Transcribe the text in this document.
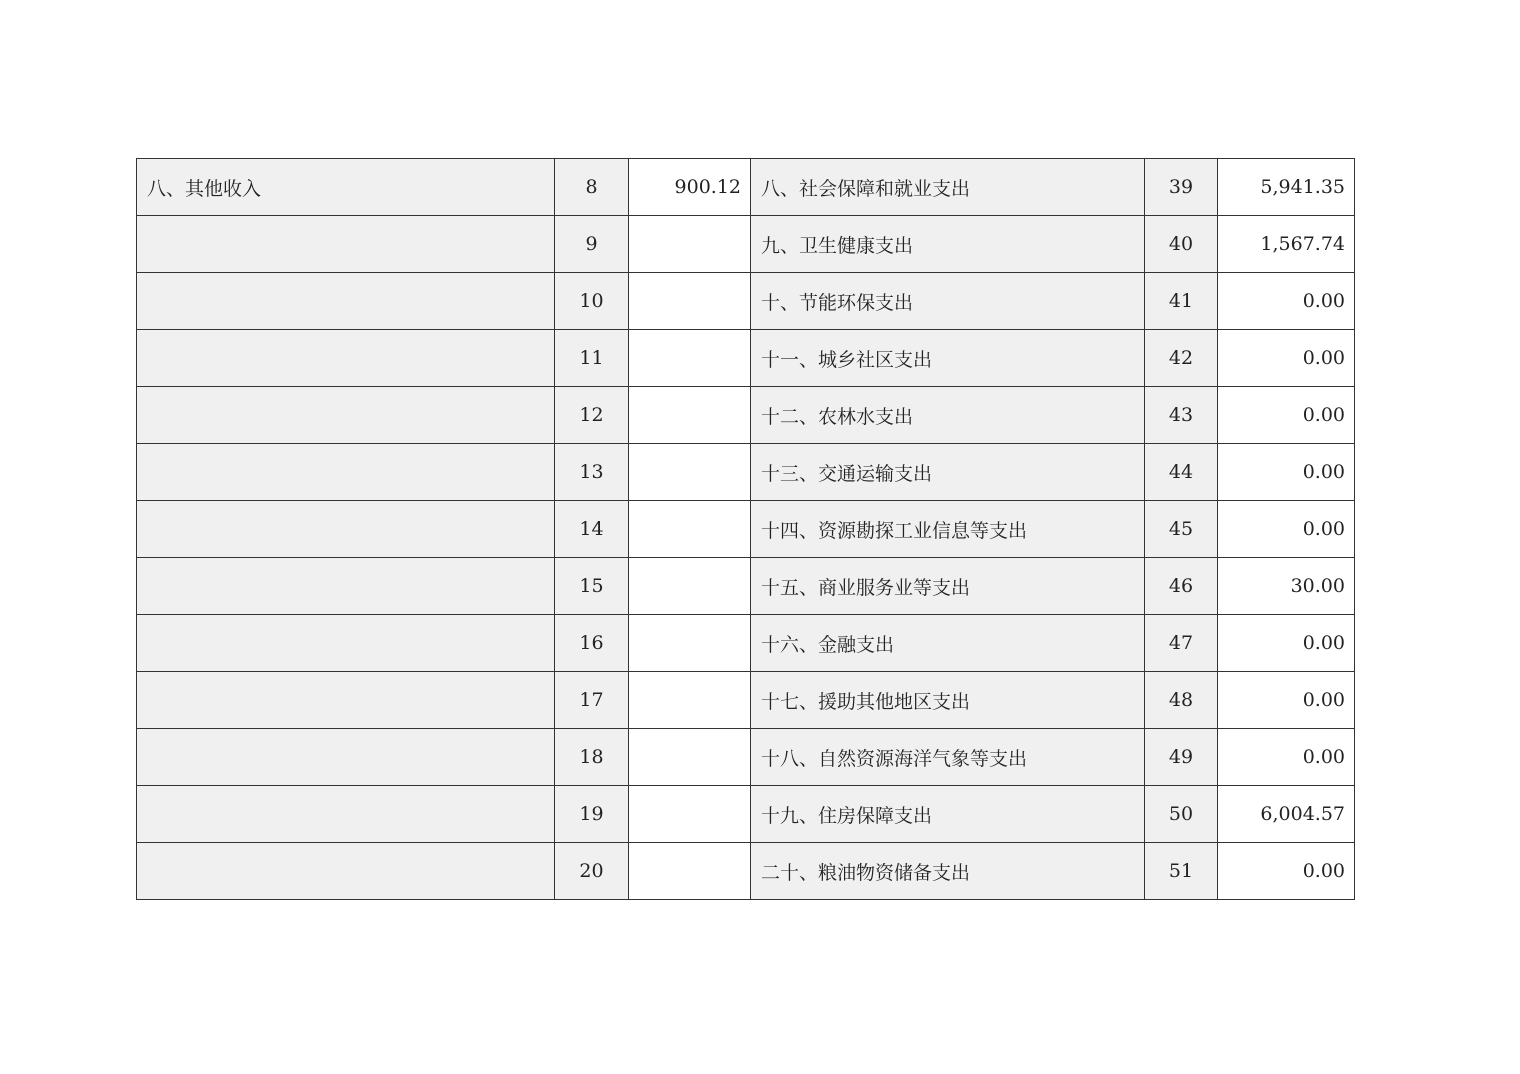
八、其他收入	8	900.12	八、社会保障和就业支出	39	5,941.35
	9		九、卫生健康支出	40	1,567.74
	10		十、节能环保支出	41	0.00
	11		十一、城乡社区支出	42	0.00
	12		十二、农林水支出	43	0.00
	13		十三、交通运输支出	44	0.00
	14		十四、资源勘探工业信息等支出	45	0.00
	15		十五、商业服务业等支出	46	30.00
	16		十六、金融支出	47	0.00
	17		十七、援助其他地区支出	48	0.00
	18		十八、自然资源海洋气象等支出	49	0.00
	19		十九、住房保障支出	50	6,004.57
	20		二十、粮油物资储备支出	51	0.00
